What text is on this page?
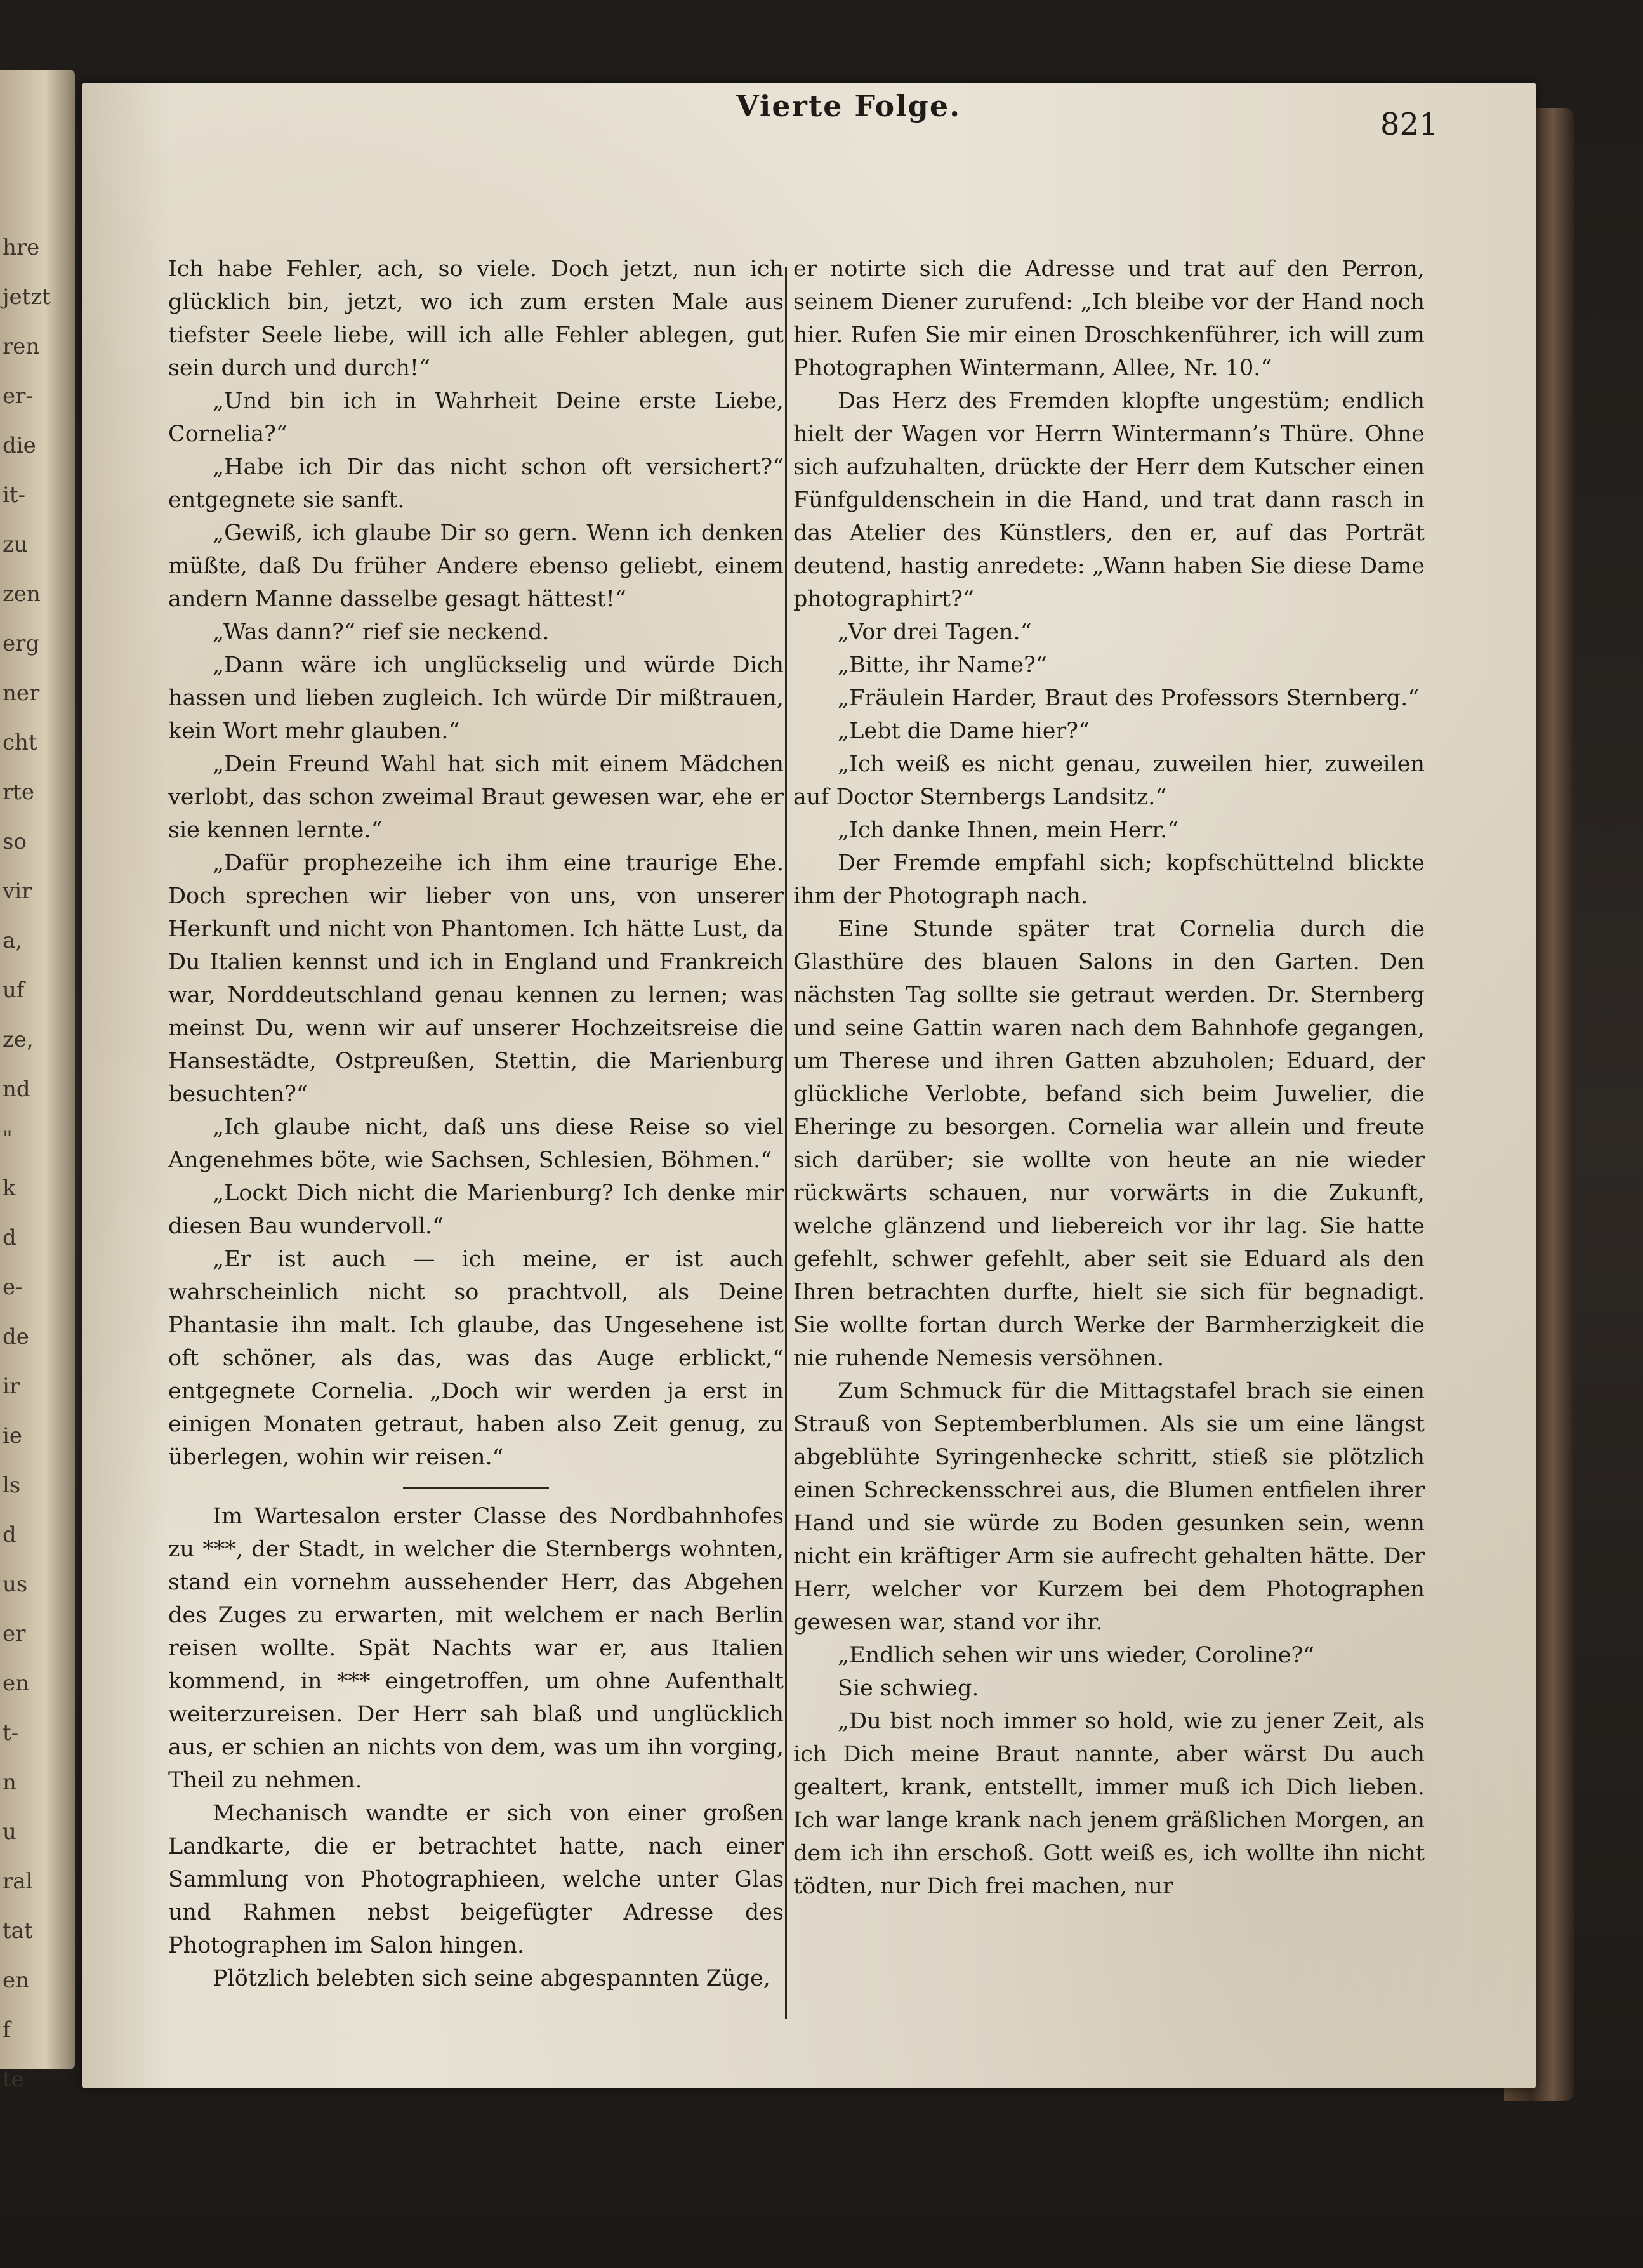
hre
jetzt
ren
er-
die
it-
zu
zen
erg
ner
cht
rte
so
vir
a,
uf
ze,
nd
"
k
d
e-
de
ir
ie
ls
d
us
er
en
t-
n
u
ral
tat
en
f
te
Vierte Folge.
821

Ich habe Fehler, ach, so viele. Doch jetzt, nun ich glücklich bin, jetzt, wo ich zum ersten Male aus tiefster Seele liebe, will ich alle Fehler ablegen, gut sein durch und durch!“

„Und bin ich in Wahrheit Deine erste Liebe, Cornelia?“

„Habe ich Dir das nicht schon oft versichert?“ entgegnete sie sanft.

„Gewiß, ich glaube Dir so gern. Wenn ich denken müßte, daß Du früher Andere ebenso geliebt, einem andern Manne dasselbe gesagt hättest!“

„Was dann?“ rief sie neckend.

„Dann wäre ich unglückselig und würde Dich hassen und lieben zugleich. Ich würde Dir mißtrauen, kein Wort mehr glauben.“

„Dein Freund Wahl hat sich mit einem Mädchen verlobt, das schon zweimal Braut gewesen war, ehe er sie kennen lernte.“

„Dafür prophezeihe ich ihm eine traurige Ehe. Doch sprechen wir lieber von uns, von unserer Herkunft und nicht von Phantomen. Ich hätte Lust, da Du Italien kennst und ich in England und Frankreich war, Norddeutschland genau kennen zu lernen; was meinst Du, wenn wir auf unserer Hochzeitsreise die Hansestädte, Ostpreußen, Stettin, die Marienburg besuchten?“

„Ich glaube nicht, daß uns diese Reise so viel Angenehmes böte, wie Sachsen, Schlesien, Böhmen.“

„Lockt Dich nicht die Marienburg? Ich denke mir diesen Bau wundervoll.“

„Er ist auch — ich meine, er ist auch wahrscheinlich nicht so prachtvoll, als Deine Phantasie ihn malt. Ich glaube, das Ungesehene ist oft schöner, als das, was das Auge erblickt,“ entgegnete Cornelia. „Doch wir werden ja erst in einigen Monaten getraut, haben also Zeit genug, zu überlegen, wohin wir reisen.“

Im Wartesalon erster Classe des Nordbahnhofes zu ***, der Stadt, in welcher die Sternbergs wohnten, stand ein vornehm aussehender Herr, das Abgehen des Zuges zu erwarten, mit welchem er nach Berlin reisen wollte. Spät Nachts war er, aus Italien kommend, in *** eingetroffen, um ohne Aufenthalt weiterzureisen. Der Herr sah blaß und unglücklich aus, er schien an nichts von dem, was um ihn vorging, Theil zu nehmen.

Mechanisch wandte er sich von einer großen Landkarte, die er betrachtet hatte, nach einer Sammlung von Photographieen, welche unter Glas und Rahmen nebst beigefügter Adresse des Photographen im Salon hingen.

Plötzlich belebten sich seine abgespannten Züge,

er notirte sich die Adresse und trat auf den Perron, seinem Diener zurufend: „Ich bleibe vor der Hand noch hier. Rufen Sie mir einen Droschkenführer, ich will zum Photographen Wintermann, Allee, Nr. 10.“

Das Herz des Fremden klopfte ungestüm; endlich hielt der Wagen vor Herrn Wintermann’s Thüre. Ohne sich aufzuhalten, drückte der Herr dem Kutscher einen Fünfguldenschein in die Hand, und trat dann rasch in das Atelier des Künstlers, den er, auf das Porträt deutend, hastig anredete: „Wann haben Sie diese Dame photographirt?“

„Vor drei Tagen.“

„Bitte, ihr Name?“

„Fräulein Harder, Braut des Professors Sternberg.“

„Lebt die Dame hier?“

„Ich weiß es nicht genau, zuweilen hier, zuweilen auf Doctor Sternbergs Landsitz.“

„Ich danke Ihnen, mein Herr.“

Der Fremde empfahl sich; kopfschüttelnd blickte ihm der Photograph nach.

Eine Stunde später trat Cornelia durch die Glasthüre des blauen Salons in den Garten. Den nächsten Tag sollte sie getraut werden. Dr. Sternberg und seine Gattin waren nach dem Bahnhofe gegangen, um Therese und ihren Gatten abzuholen; Eduard, der glückliche Verlobte, befand sich beim Juwelier, die Eheringe zu besorgen. Cornelia war allein und freute sich darüber; sie wollte von heute an nie wieder rückwärts schauen, nur vorwärts in die Zukunft, welche glänzend und liebereich vor ihr lag. Sie hatte gefehlt, schwer gefehlt, aber seit sie Eduard als den Ihren betrachten durfte, hielt sie sich für begnadigt. Sie wollte fortan durch Werke der Barmherzigkeit die nie ruhende Nemesis versöhnen.

Zum Schmuck für die Mittagstafel brach sie einen Strauß von Septemberblumen. Als sie um eine längst abgeblühte Syringenhecke schritt, stieß sie plötzlich einen Schreckensschrei aus, die Blumen entfielen ihrer Hand und sie würde zu Boden gesunken sein, wenn nicht ein kräftiger Arm sie aufrecht gehalten hätte. Der Herr, welcher vor Kurzem bei dem Photographen gewesen war, stand vor ihr.

„Endlich sehen wir uns wieder, Coroline?“

Sie schwieg.

„Du bist noch immer so hold, wie zu jener Zeit, als ich Dich meine Braut nannte, aber wärst Du auch gealtert, krank, entstellt, immer muß ich Dich lieben. Ich war lange krank nach jenem gräßlichen Morgen, an dem ich ihn erschoß. Gott weiß es, ich wollte ihn nicht tödten, nur Dich frei machen, nur
